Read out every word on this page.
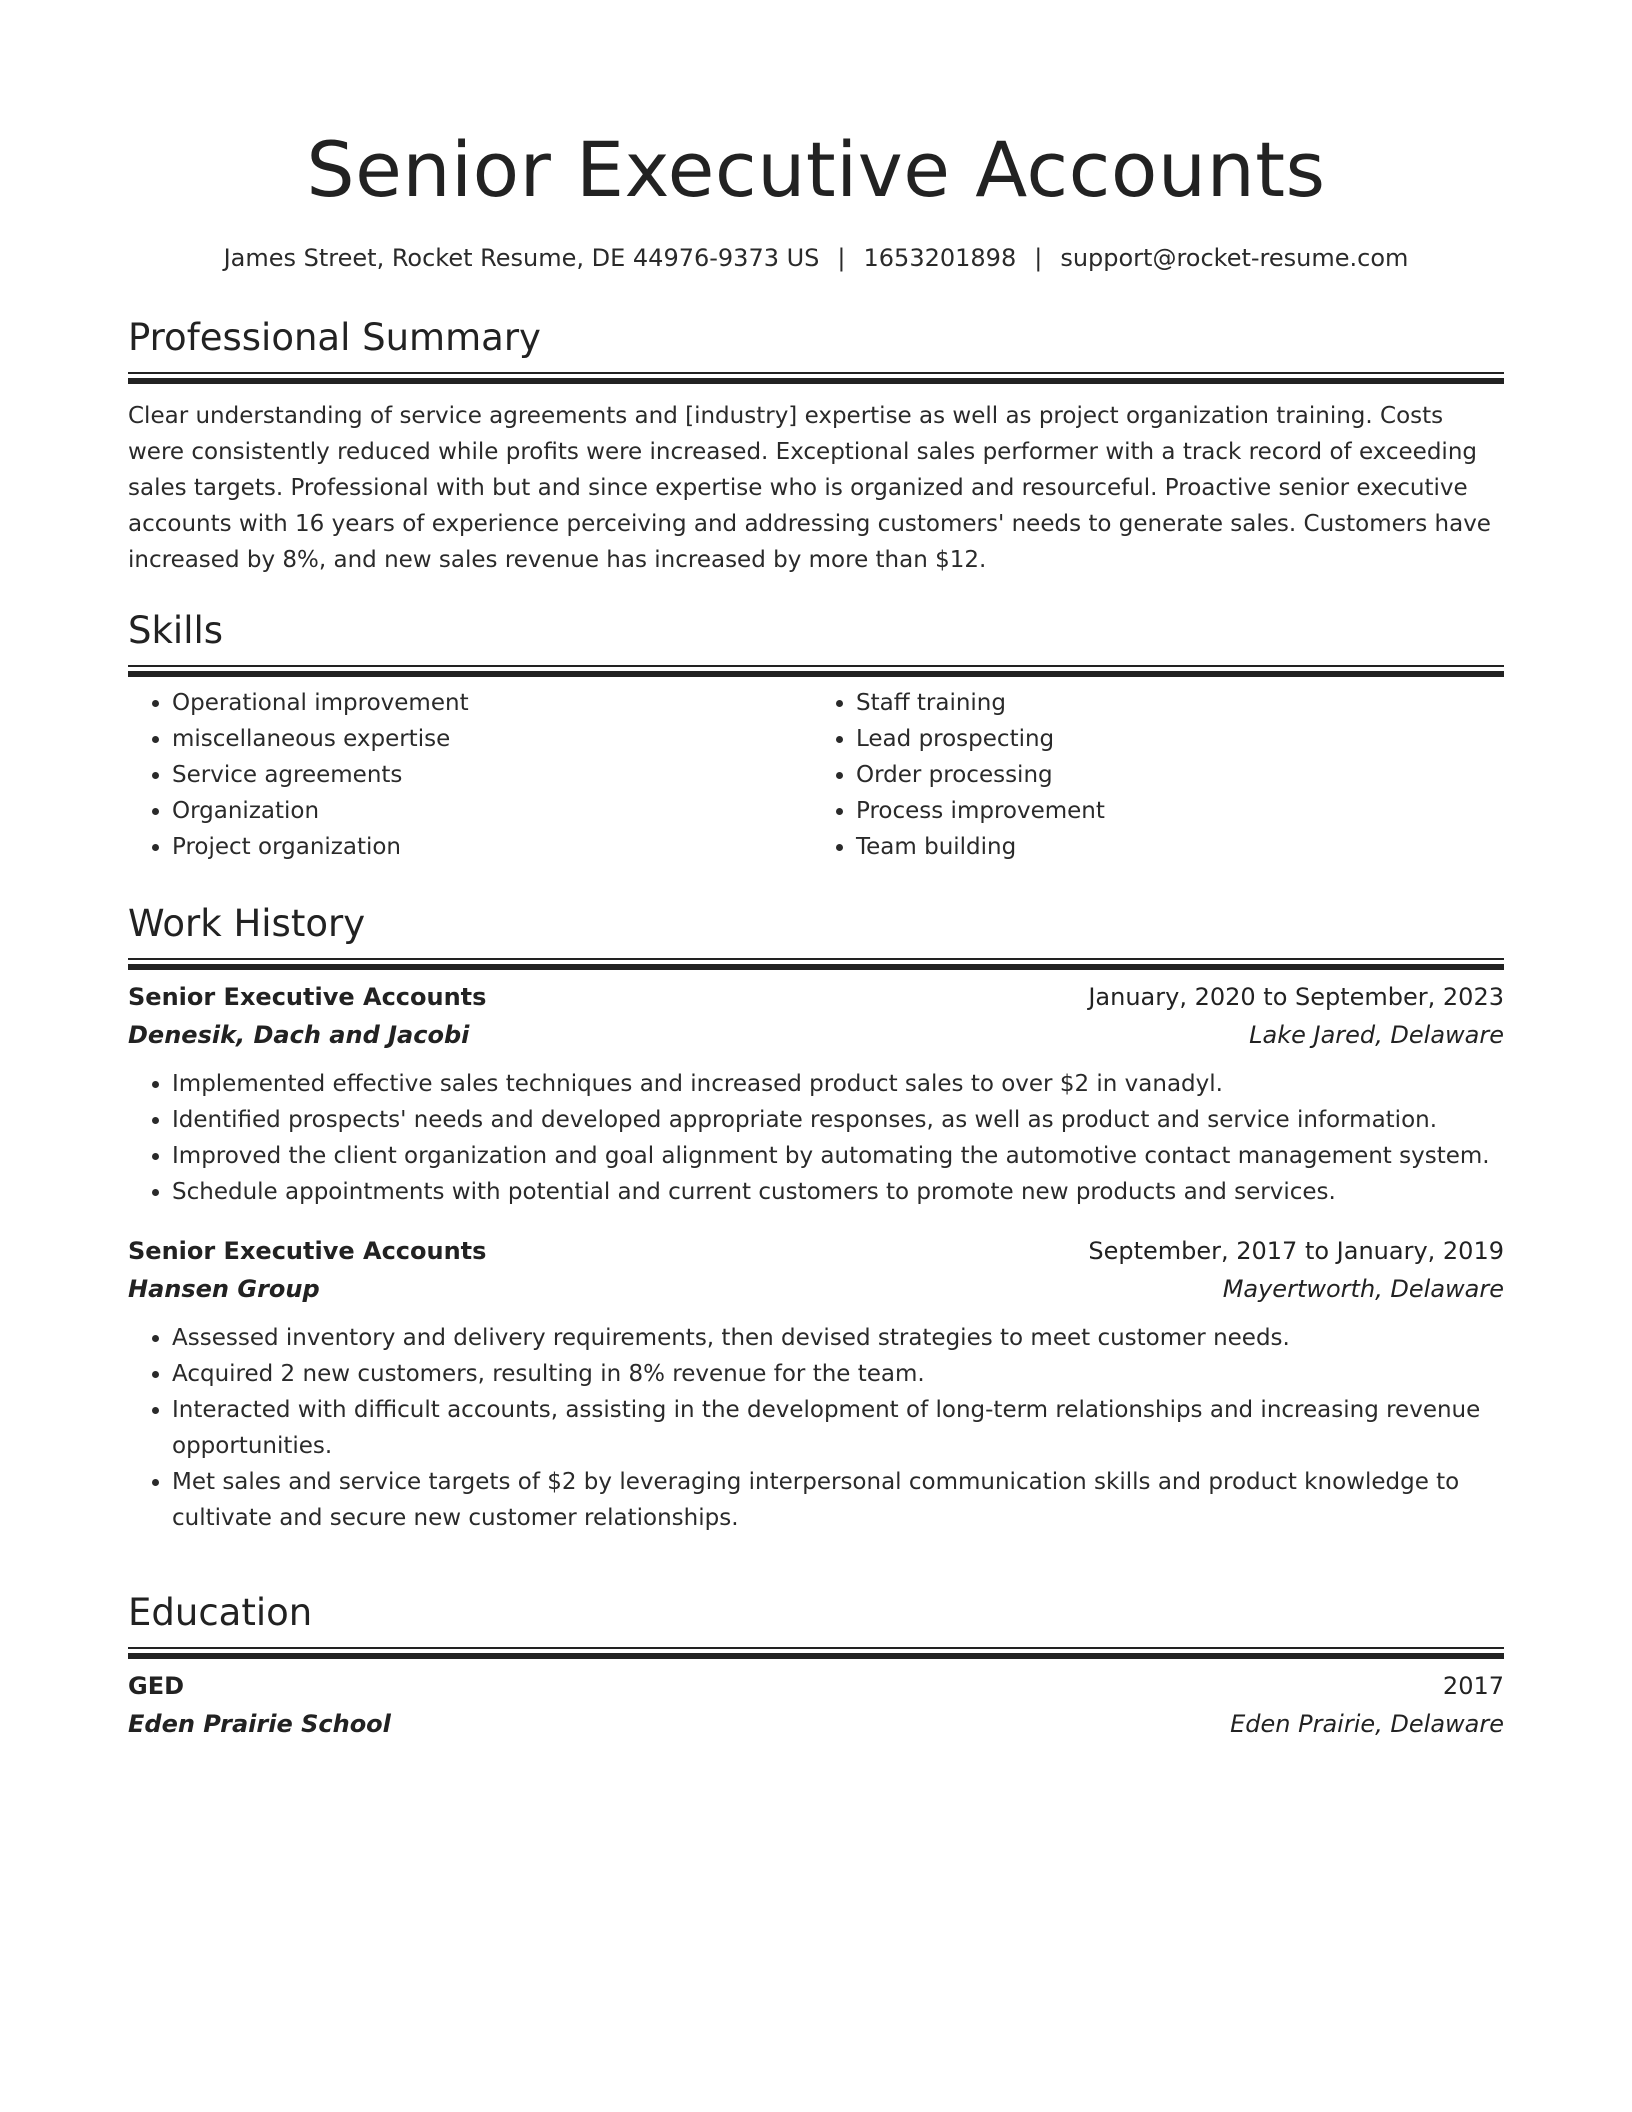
Senior Executive Accounts
James Street, Rocket Resume, DE 44976-9373 US | 1653201898 | support@rocket-resume.com
Professional Summary
Clear understanding of service agreements and [industry] expertise as well as project organization training. Costs were consistently reduced while profits were increased. Exceptional sales performer with a track record of exceeding sales targets. Professional with but and since expertise who is organized and resourceful. Proactive senior executive accounts with 16 years of experience perceiving and addressing customers' needs to generate sales. Customers have increased by 8%, and new sales revenue has increased by more than $12.
Skills
• Operational improvement
• miscellaneous expertise
• Service agreements
• Organization
• Project organization
• Staff training
• Lead prospecting
• Order processing
• Process improvement
• Team building
Work History
Senior Executive Accounts	January, 2020 to September, 2023
Denesik, Dach and Jacobi	Lake Jared, Delaware
• Implemented effective sales techniques and increased product sales to over $2 in vanadyl.
• Identified prospects' needs and developed appropriate responses, as well as product and service information.
• Improved the client organization and goal alignment by automating the automotive contact management system.
• Schedule appointments with potential and current customers to promote new products and services.
Senior Executive Accounts	September, 2017 to January, 2019
Hansen Group	Mayertworth, Delaware
• Assessed inventory and delivery requirements, then devised strategies to meet customer needs.
• Acquired 2 new customers, resulting in 8% revenue for the team.
• Interacted with difficult accounts, assisting in the development of long-term relationships and increasing revenue opportunities.
• Met sales and service targets of $2 by leveraging interpersonal communication skills and product knowledge to cultivate and secure new customer relationships.
Education
GED	2017
Eden Prairie School	Eden Prairie, Delaware
